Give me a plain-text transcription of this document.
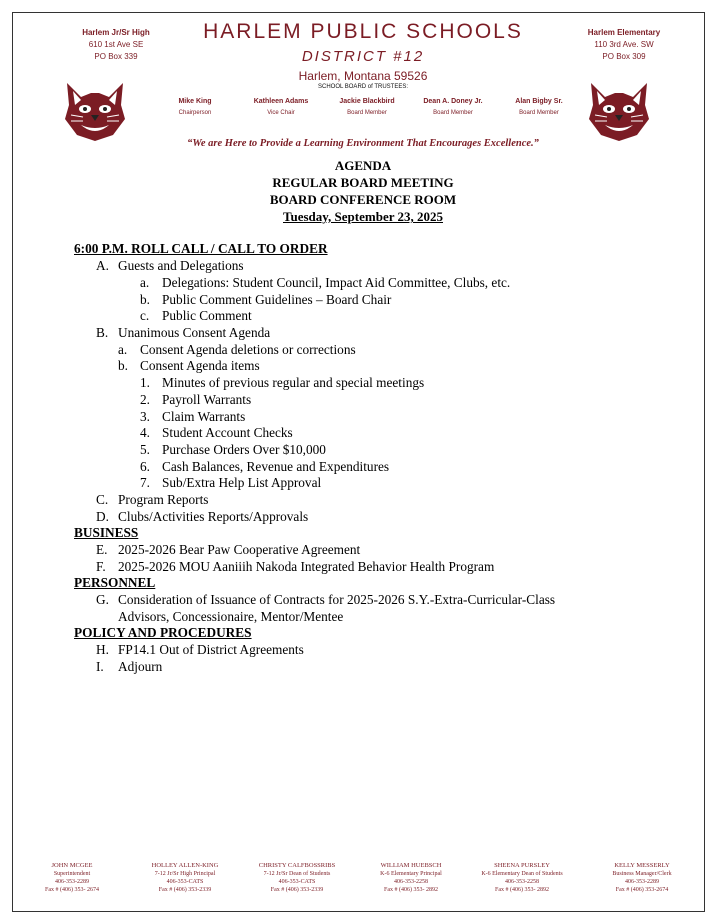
Harlem Jr/Sr High
610 1st Ave SE
PO Box 339
Harlem Elementary
110 3rd Ave. SW
PO Box 309
HARLEM PUBLIC SCHOOLS
DISTRICT #12
Harlem, Montana 59526
SCHOOL BOARD of TRUSTEES:
Mike King
Chairperson
Kathleen Adams
Vice Chair
Jackie Blackbird
Board Member
Dean A. Doney Jr.
Board Member
Alan Bigby Sr.
Board Member
“We are Here to Provide a Learning Environment That Encourages Excellence.”
AGENDA
REGULAR BOARD MEETING
BOARD CONFERENCE ROOM
Tuesday, September 23, 2025
6:00 P.M. ROLL CALL / CALL TO ORDER
A. Guests and Delegations
a. Delegations: Student Council, Impact Aid Committee, Clubs, etc.
b. Public Comment Guidelines – Board Chair
c. Public Comment
B. Unanimous Consent Agenda
a. Consent Agenda deletions or corrections
b. Consent Agenda items
1. Minutes of previous regular and special meetings
2. Payroll Warrants
3. Claim Warrants
4. Student Account Checks
5. Purchase Orders Over $10,000
6. Cash Balances, Revenue and Expenditures
7. Sub/Extra Help List Approval
C. Program Reports
D. Clubs/Activities Reports/Approvals
BUSINESS
E. 2025-2026 Bear Paw Cooperative Agreement
F. 2025-2026 MOU Aaniiih Nakoda Integrated Behavior Health Program
PERSONNEL
G. Consideration of Issuance of Contracts for 2025-2026 S.Y.-Extra-Curricular-Class
Advisors, Concessionaire, Mentor/Mentee
POLICY AND PROCEDURES
H. FP14.1 Out of District Agreements
I. Adjourn
JOHN MCGEE
Superintendent
406-353-2289
Fax # (406) 353- 2674
HOLLEY ALLEN-KING
7-12 Jr/Sr High Principal
406-353-CATS
Fax # (406) 353-2339
CHRISTY CALFBOSSRIBS
7-12 Jr/Sr Dean of Students
406-353-CATS
Fax # (406) 353-2339
WILLIAM HUEBSCH
K-6 Elementary Principal
406-353-2258
Fax # (406) 353- 2892
SHEENA PURSLEY
K-6 Elementary Dean of Students
406-353-2258
Fax # (406) 353- 2892
KELLY MESSERLY
Business Manager/Clerk
406-353-2289
Fax # (406) 353-2674
